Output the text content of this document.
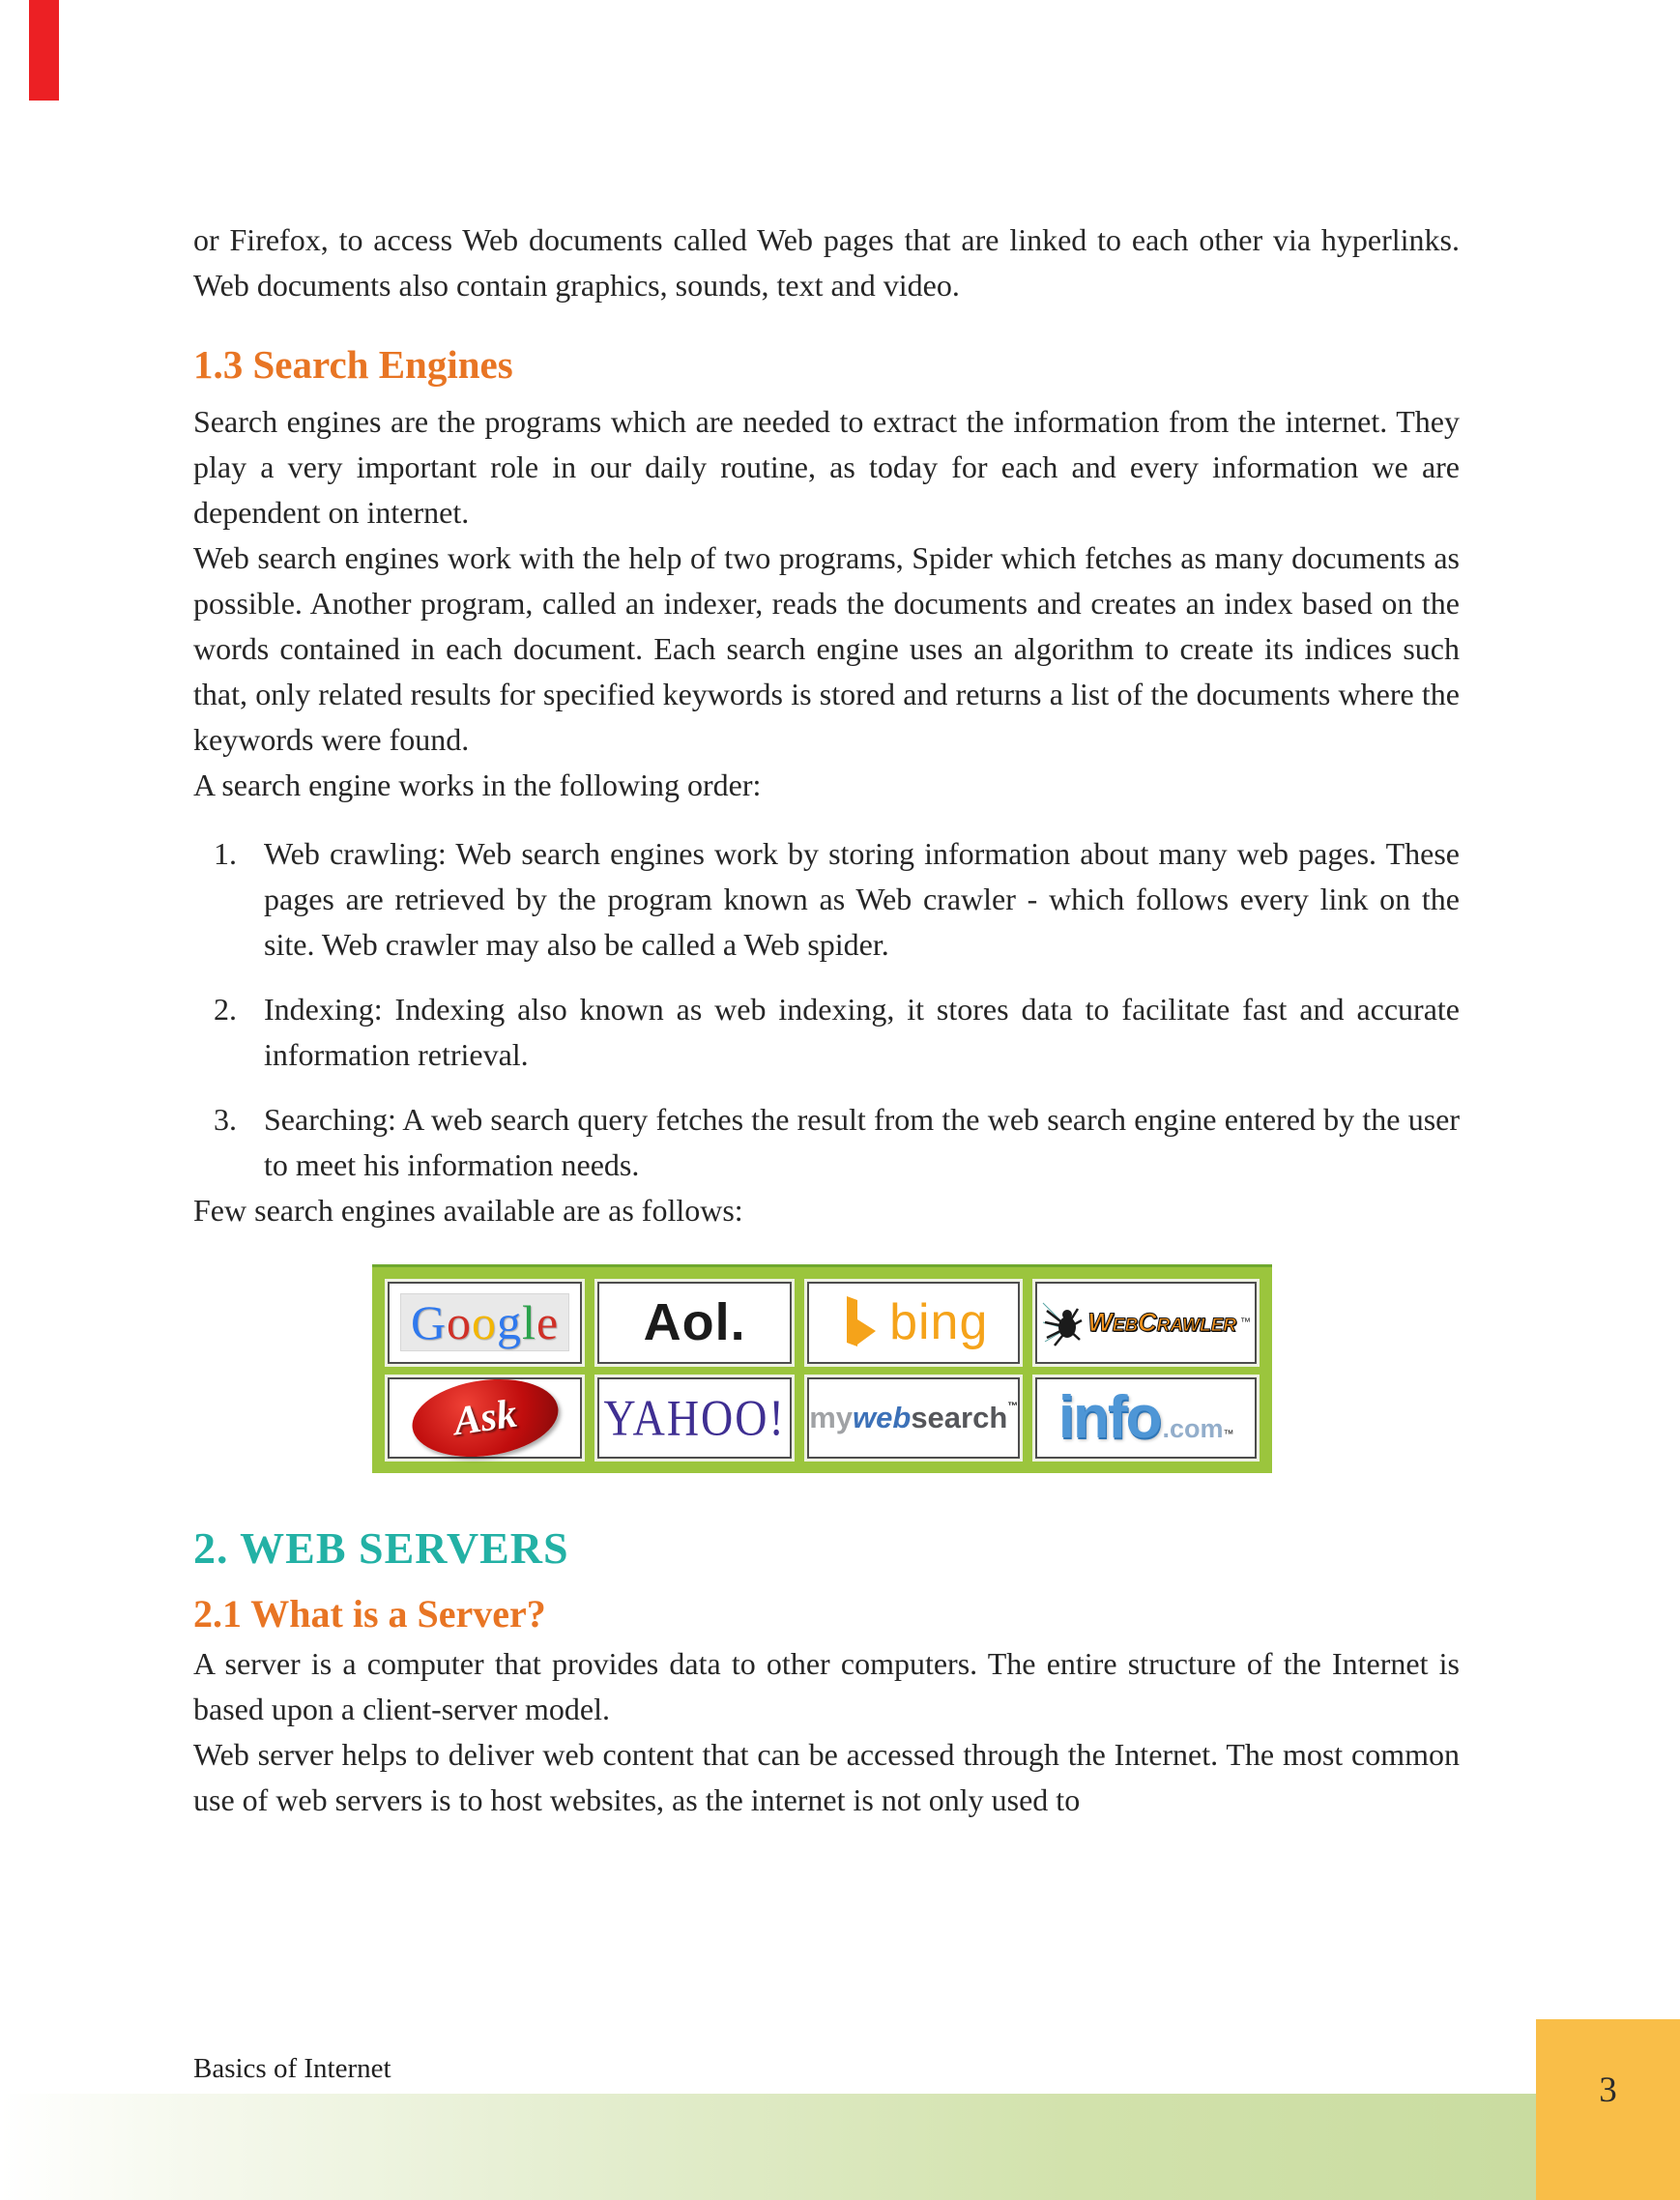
or Firefox, to access Web documents called Web pages that are linked to each other via hyperlinks. Web documents also contain graphics, sounds, text and video.

1.3 Search Engines

Search engines are the programs which are needed to extract the information from the internet. They play a very important role in our daily routine, as today for each and every information we are dependent on internet.

Web search engines work with the help of two programs, Spider which fetches as many documents as possible. Another program, called an indexer, reads the documents and creates an index based on the words contained in each document. Each search engine uses an algorithm to create its indices such that, only related results for specified keywords is stored and returns a list of the documents where the keywords were found.

A search engine works in the following order:

1. Web crawling: Web search engines work by storing information about many web pages. These pages are retrieved by the program known as Web crawler - which follows every link on the site. Web crawler may also be called a Web spider.
2. Indexing: Indexing also known as web indexing, it stores data to facilitate fast and accurate information retrieval.
3. Searching: A web search query fetches the result from the web search engine entered by the user to meet his information needs.

Few search engines available are as follows:

Google Aol.	bing	WebCrawler ™
Ask YAHOO! mywebsearch™ info .com ™
2. WEB SERVERS
2.1 What is a Server?

A server is a computer that provides data to other computers. The entire structure of the Internet is based upon a client-server model.

Web server helps to deliver web content that can be accessed through the Internet. The most common use of web servers is to host websites, as the internet is not only used to

Basics of Internet
3
